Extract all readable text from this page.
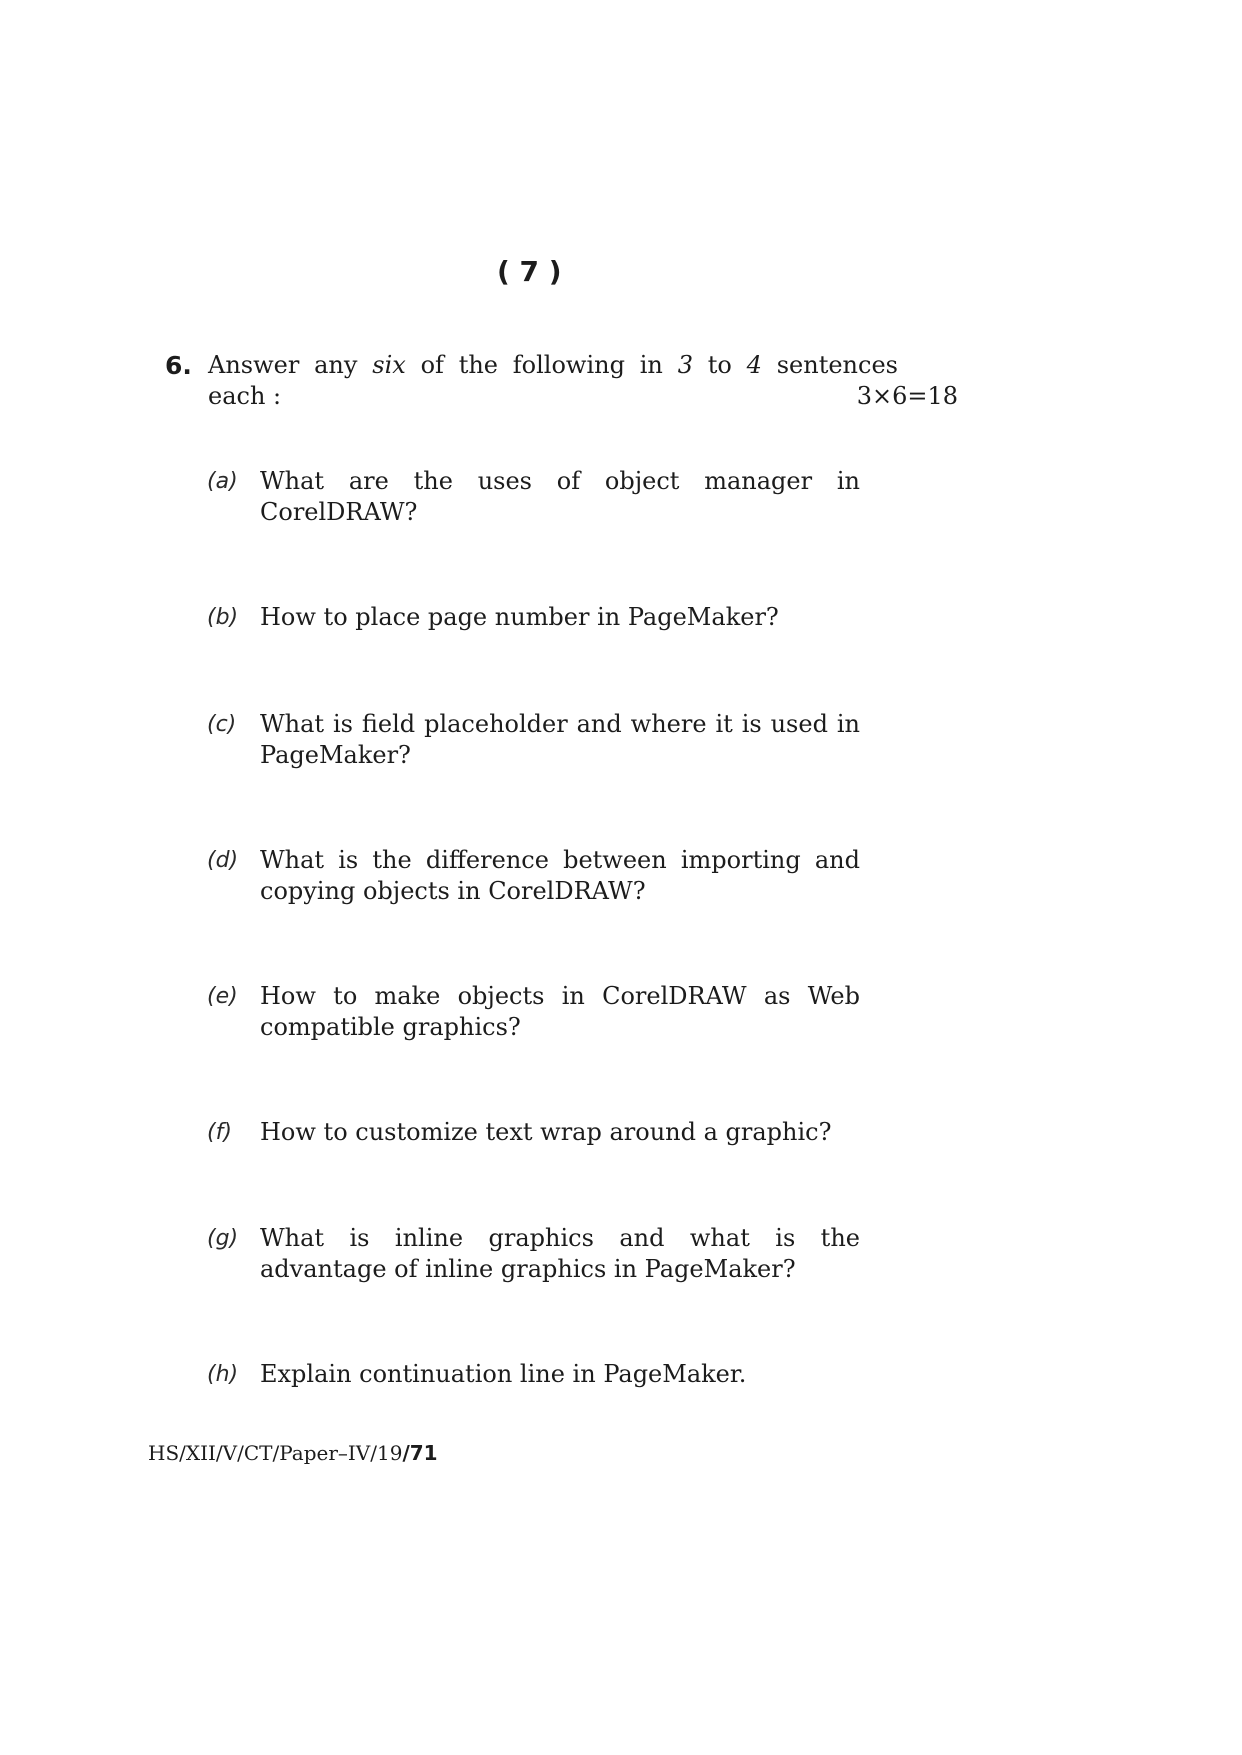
( 7 )
6. Answer any six of the following in 3 to 4 sentences
each :	3×6=18
(a) What are the uses of object manager in CorelDRAW?
(b) How to place page number in PageMaker?
(c) What is field placeholder and where it is used in PageMaker?
(d) What is the difference between importing and copying objects in CorelDRAW?
(e) How to make objects in CorelDRAW as Web compatible graphics?
(f) How to customize text wrap around a graphic?
(g) What is inline graphics and what is the advantage of inline graphics in PageMaker?
(h) Explain continuation line in PageMaker.
HS/XII/V/CT/Paper–IV/19/71
